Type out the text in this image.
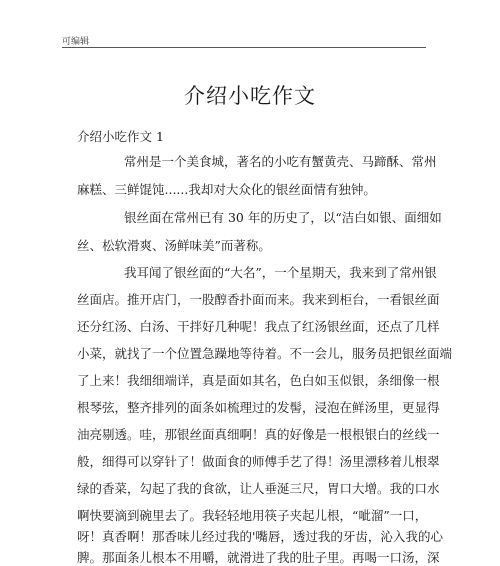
可编辑
介绍小吃作文
介绍小吃作文 1
常州是一个美食城，著名的小吃有蟹黄壳、马蹄酥、常州
麻糕、三鲜馄饨......我却对大众化的银丝面情有独钟。
银丝面在常州已有 30 年的历史了，以“洁白如银、面细如
丝、松软滑爽、汤鲜味美”而著称。
我耳闻了银丝面的“大名”，一个星期天，我来到了常州银
丝面店。推开店门，一股醇香扑面而来。我来到柜台，一看银丝面
还分红汤、白汤、干拌好几种呢！我点了红汤银丝面，还点了几样
小菜，就找了一个位置急躁地等待着。不一会儿，服务员把银丝面端
了上来！我细细端详，真是面如其名，色白如玉似银，条细像一根
根琴弦，整齐排列的面条如梳理过的发髻，浸泡在鲜汤里，更显得
油亮剔透。哇，那银丝面真细啊！真的好像是一根根银白的丝线一
般，细得可以穿针了！做面食的师傅手艺了得！汤里漂移着儿根翠
绿的香菜，勾起了我的食欲，让人垂涎三尺，胃口大增。我的口水
啊快要滴到碗里去了。我轻轻地用筷子夹起儿根，“呲溜”一口，
呀！真香啊！那香味儿经过我的'嘴唇，透过我的牙齿，沁入我的心
脾。那面条儿根本不用嚼，就滑进了我的肚子里。再喝一口汤，深
